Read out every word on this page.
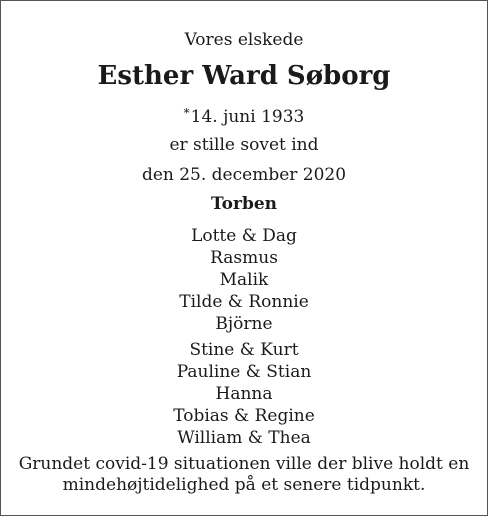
Vores elskede
Esther Ward Søborg
*14. juni 1933
er stille sovet ind
den 25. december 2020
Torben
Lotte & Dag
Rasmus
Malik
Tilde & Ronnie
Björne
Stine & Kurt
Pauline & Stian
Hanna
Tobias & Regine
William & Thea
Grundet covid-19 situationen ville der blive holdt en
mindehøjtidelighed på et senere tidpunkt.
